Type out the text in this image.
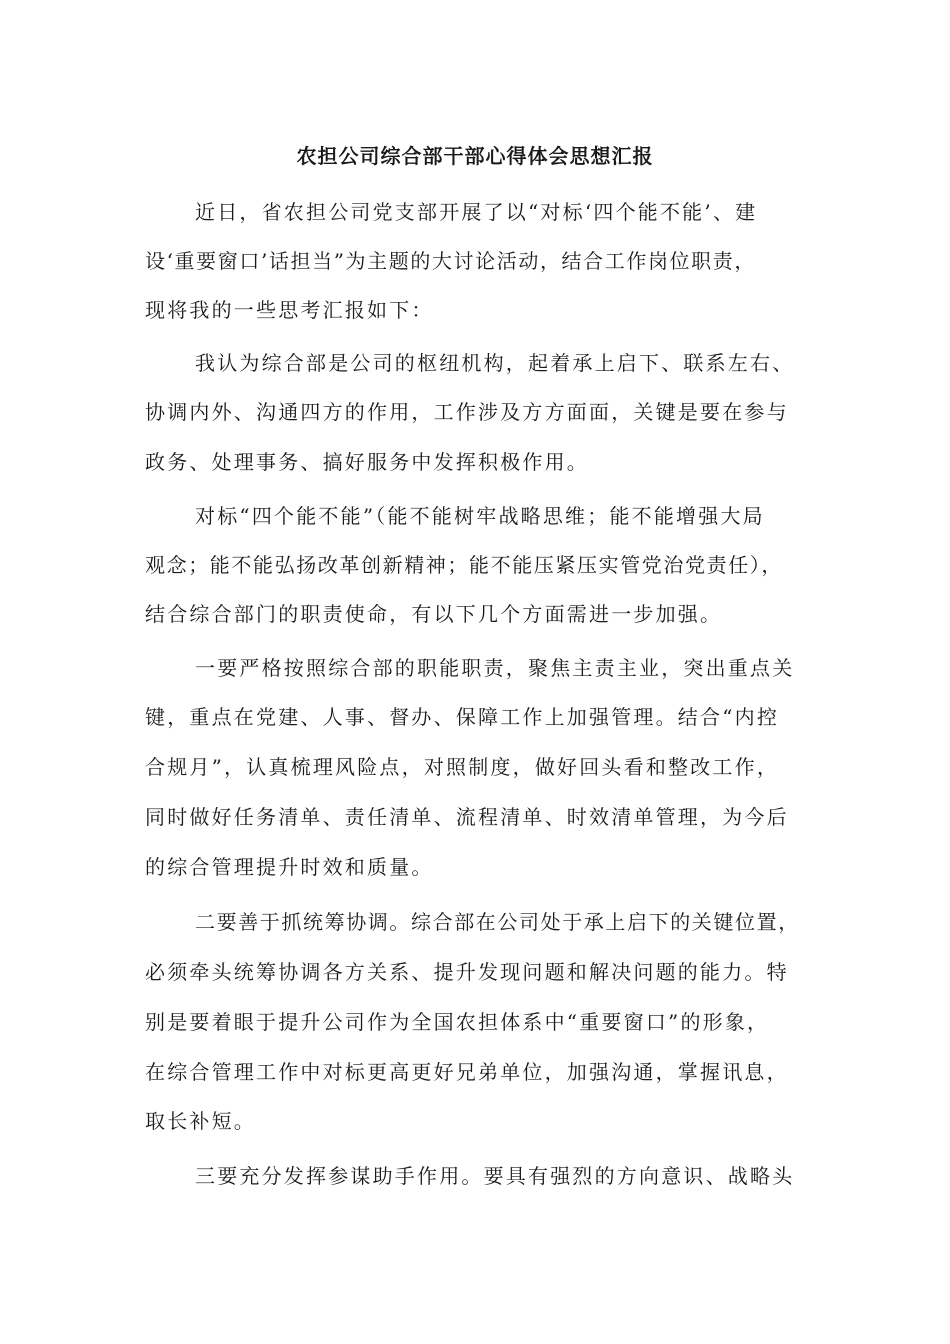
农担公司综合部干部心得体会思想汇报
近日，省农担公司党支部开展了以“对标‘四个能不能’、建
设‘重要窗口’话担当”为主题的大讨论活动，结合工作岗位职责，
现将我的一些思考汇报如下：
我认为综合部是公司的枢纽机构，起着承上启下、联系左右、
协调内外、沟通四方的作用，工作涉及方方面面，关键是要在参与
政务、处理事务、搞好服务中发挥积极作用。
对标“四个能不能”（能不能树牢战略思维；能不能增强大局
观念；能不能弘扬改革创新精神；能不能压紧压实管党治党责任），
结合综合部门的职责使命，有以下几个方面需进一步加强。
一要严格按照综合部的职能职责，聚焦主责主业，突出重点关
键，重点在党建、人事、督办、保障工作上加强管理。结合“内控
合规月”，认真梳理风险点，对照制度，做好回头看和整改工作，
同时做好任务清单、责任清单、流程清单、时效清单管理，为今后
的综合管理提升时效和质量。
二要善于抓统筹协调。综合部在公司处于承上启下的关键位置，
必须牵头统筹协调各方关系、提升发现问题和解决问题的能力。特
别是要着眼于提升公司作为全国农担体系中“重要窗口”的形象，
在综合管理工作中对标更高更好兄弟单位，加强沟通，掌握讯息，
取长补短。
三要充分发挥参谋助手作用。要具有强烈的方向意识、战略头
